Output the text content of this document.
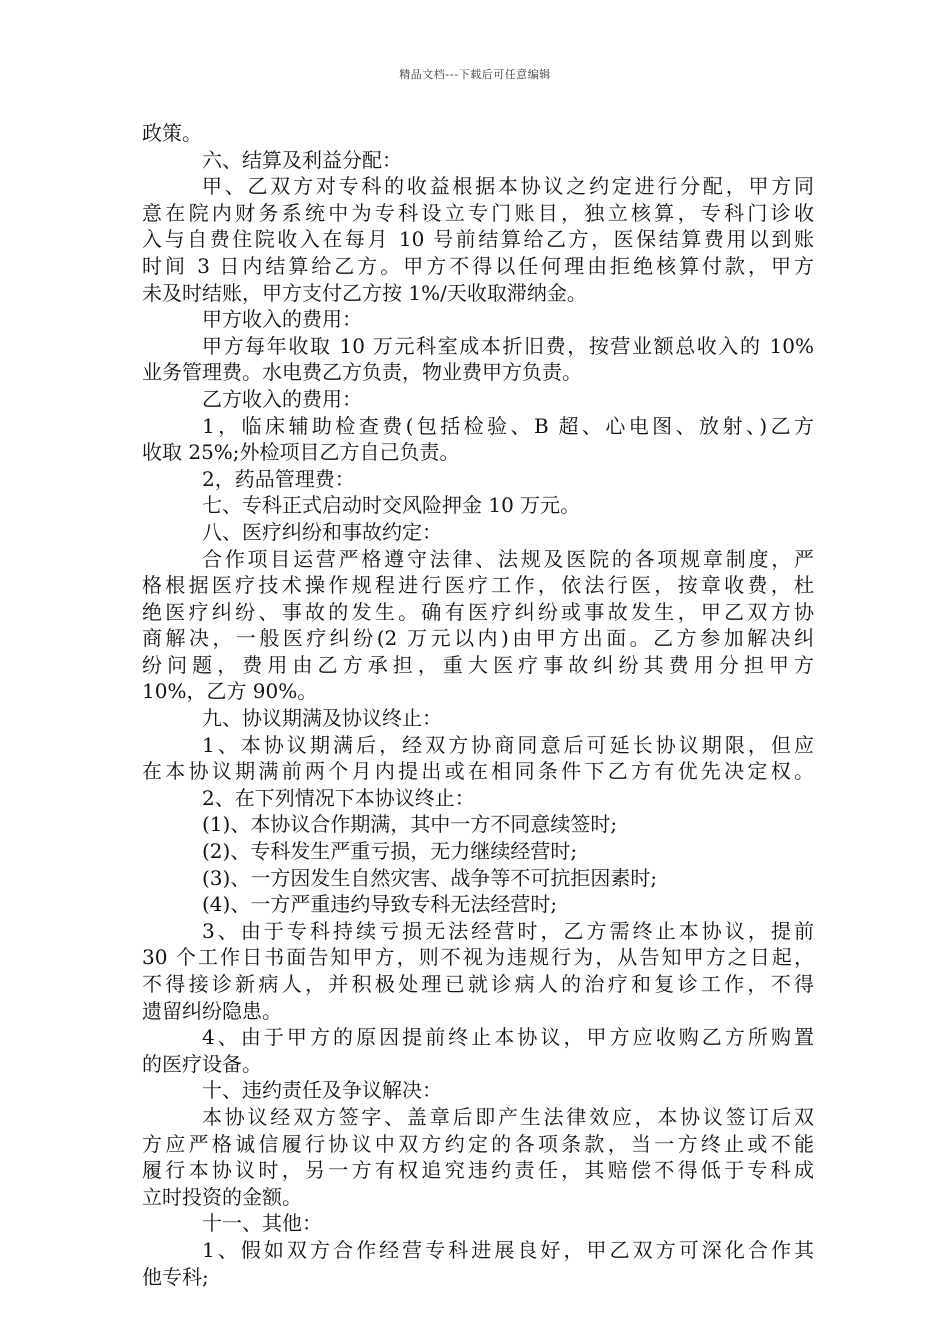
精品文档---下载后可任意编辑
政策。
六、结算及利益分配：
甲、乙双方对专科的收益根据本协议之约定进行分配，甲方同
意在院内财务系统中为专科设立专门账目，独立核算，专科门诊收
入与自费住院收入在每月 10 号前结算给乙方，医保结算费用以到账
时间 3 日内结算给乙方。甲方不得以任何理由拒绝核算付款，甲方
未及时结账，甲方支付乙方按 1%/天收取滞纳金。
甲方收入的费用：
甲方每年收取 10 万元科室成本折旧费，按营业额总收入的 10%
业务管理费。水电费乙方负责，物业费甲方负责。
乙方收入的费用：
1，临床辅助检查费(包括检验、B 超、心电图、放射、)乙方
收取 25%;外检项目乙方自己负责。
2，药品管理费：
七、专科正式启动时交风险押金 10 万元。
八、医疗纠纷和事故约定：
合作项目运营严格遵守法律、法规及医院的各项规章制度，严
格根据医疗技术操作规程进行医疗工作，依法行医，按章收费，杜
绝医疗纠纷、事故的发生。确有医疗纠纷或事故发生，甲乙双方协
商解决，一般医疗纠纷(2 万元以内)由甲方出面。乙方参加解决纠
纷问题，费用由乙方承担，重大医疗事故纠纷其费用分担甲方
10%，乙方 90%。
九、协议期满及协议终止：
1、本协议期满后，经双方协商同意后可延长协议期限，但应
在本协议期满前两个月内提出或在相同条件下乙方有优先决定权。
2、在下列情况下本协议终止：
(1)、本协议合作期满，其中一方不同意续签时;
(2)、专科发生严重亏损，无力继续经营时;
(3)、一方因发生自然灾害、战争等不可抗拒因素时;
(4)、一方严重违约导致专科无法经营时;
3、由于专科持续亏损无法经营时，乙方需终止本协议，提前
30 个工作日书面告知甲方，则不视为违规行为，从告知甲方之日起，
不得接诊新病人，并积极处理已就诊病人的治疗和复诊工作，不得
遗留纠纷隐患。
4、由于甲方的原因提前终止本协议，甲方应收购乙方所购置
的医疗设备。
十、违约责任及争议解决：
本协议经双方签字、盖章后即产生法律效应，本协议签订后双
方应严格诚信履行协议中双方约定的各项条款，当一方终止或不能
履行本协议时，另一方有权追究违约责任，其赔偿不得低于专科成
立时投资的金额。
十一、其他：
1、假如双方合作经营专科进展良好，甲乙双方可深化合作其
他专科;
